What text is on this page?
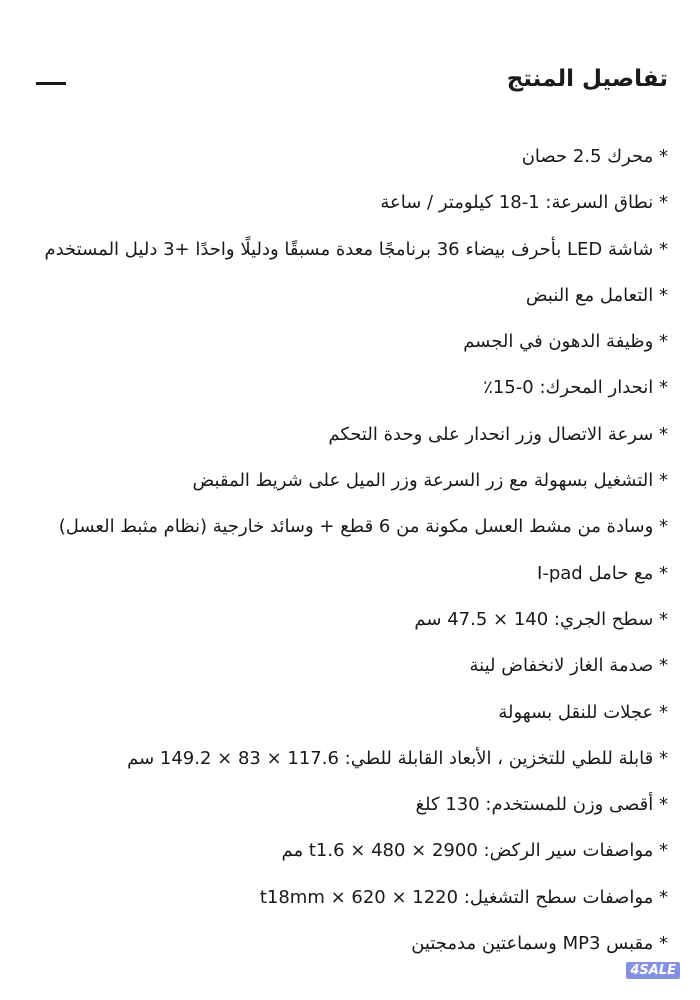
تفاصيل المنتج
* محرك 2.5 حصان
* نطاق السرعة: 1-18 كيلومتر / ساعة
* شاشة LED بأحرف بيضاء 36 برنامجًا معدة مسبقًا ودليلًا واحدًا +3 دليل المستخدم
* التعامل مع النبض
* وظيفة الدهون في الجسم
* انحدار المحرك: 0-15٪
* سرعة الاتصال وزر انحدار على وحدة التحكم
* التشغيل بسهولة مع زر السرعة وزر الميل على شريط المقبض
* وسادة من مشط العسل مكونة من 6 قطع + وسائد خارجية (نظام مثبط العسل)
* مع حامل I-pad
* سطح الجري: 140 × 47.5 سم
* صدمة الغاز لانخفاض لينة
* عجلات للنقل بسهولة
* قابلة للطي للتخزين ، الأبعاد القابلة للطي: 117.6 × 83 × 149.2 سم
* أقصى وزن للمستخدم: 130 كلغ
* مواصفات سير الركض: 2900 × 480 × t1.6 مم
* مواصفات سطح التشغيل: 1220 × 620 × t18mm
* مقبس MP3 وسماعتين مدمجتين
4SALE
